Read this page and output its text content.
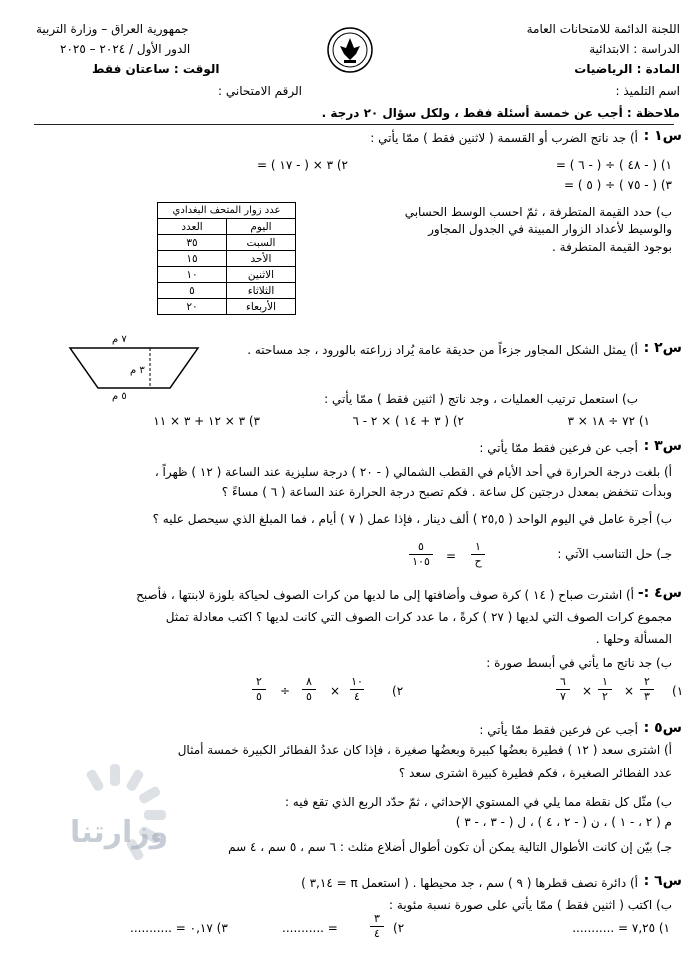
اللجنة الدائمة للامتحانات العامة
الدراسة : الابتدائية
المادة : الرياضيات
اسم التلميذ :
جمهورية العراق – وزارة التربية
الدور الأول / ٢٠٢٤ – ٢٠٢٥
الوقت : ساعتان فقط
الرقم الامتحاني :
ملاحظة : أجب عن خمسة أسئلة فقط ، ولكل سؤال ٢٠ درجة .
س١ :
أ) جد ناتج الضرب أو القسمة ( لاثنين فقط ) ممّا يأتي :
١) ( - ٤٨ ) ÷ ( - ٦ ) =
٢) ٣ × ( - ١٧ ) =
٣) ( - ٧٥ ) ÷ ( ٥ ) =
ب) حدد القيمة المتطرفة ، ثمّ احسب الوسط الحسابي
والوسيط لأعداد الزوار المبينة في الجدول المجاور
بوجود القيمة المتطرفة .
عدد زوار المتحف البغدادي	
اليوم	العدد
السبت	٣٥
الأحد	١٥
الاثنين	١٠
الثلاثاء	٥
الأربعاء	٢٠
س٢ :
أ) يمثل الشكل المجاور جزءاً من حديقة عامة يُراد زراعته بالورود ، جد مساحته .
٧ م
٣ م
٥ م	ب) استعمل ترتيب العمليات ، وجد ناتج ( اثنين فقط ) ممّا يأتي :
١) ٧٢ ÷ ١٨ × ٣
٢) ( ٣ + ١٤ ) × ٢ - ٦
٣) ٣ × ١٢ + ٣ × ١١
س٣ :
أجب عن فرعين فقط ممّا يأتي :
أ) بلغت درجة الحرارة في أحد الأيام في القطب الشمالي ( - ٢٠ ) درجة سليزية عند الساعة ( ١٢ ) ظهراً ،
وبدأت تنخفض بمعدل درجتين كل ساعة . فكم تصبح درجة الحرارة عند الساعة ( ٦ ) مساءً ؟
ب) أجرة عامل في اليوم الواحد ( ٢٥,٥ ) ألف دينار ، فإذا عمل ( ٧ ) أيام ، فما المبلغ الذي سيحصل عليه ؟
جـ) حل التناسب الآتي :
١
ح
=
٥
١٠٥
س٤ :-
أ) اشترت صباح ( ١٤ ) كرة صوف وأضافتها إلى ما لديها من كرات الصوف لحياكة بلوزة لابنتها ، فأصبح
مجموع كرات الصوف التي لديها ( ٢٧ ) كرةً ، ما عدد كرات الصوف التي كانت لديها ؟ اكتب معادلة تمثل
المسألة وحلها .
ب) جد ناتج ما يأتي في أبسط صورة :
١)
٢
٣
×
١
٢
×
٦
٧
٢)
١٠
٤
×
٨
٥
÷
٢
٥
س٥ :
أجب عن فرعين فقط ممّا يأتي :
أ) اشترى سعد ( ١٢ ) فطيرة بعضُها كبيرة وبعضُها صغيرة ، فإذا كان عددُ الفطائر الكبيرة خمسة أمثال
عدد الفطائر الصغيرة ، فكم فطيرة كبيرة اشترى سعد ؟
ب) مثّل كل نقطة مما يلي في المستوي الإحداثي ، ثمّ حدّد الربع الذي تقع فيه :
م ( ٢ ، - ١ ) ، ن ( - ٢ ، ٤ ) ، ل ( - ٣ ، - ٣ )
جـ) بيّن إن كانت الأطوال التالية يمكن أن تكون أطوال أضلاع مثلث : ٦ سم ، ٥ سم ، ٤ سم
وزارتنا
س٦ :
أ) دائرة نصف قطرها ( ٩ ) سم ، جد محيطها . ( استعمل π = ٣,١٤ )
ب) اكتب ( اثنين فقط ) ممّا يأتي على صورة نسبة مئوية :
١) ٧,٢٥ = ...........
٢)
٣
٤
= ...........
٣) ٠,١٧ = ...........
